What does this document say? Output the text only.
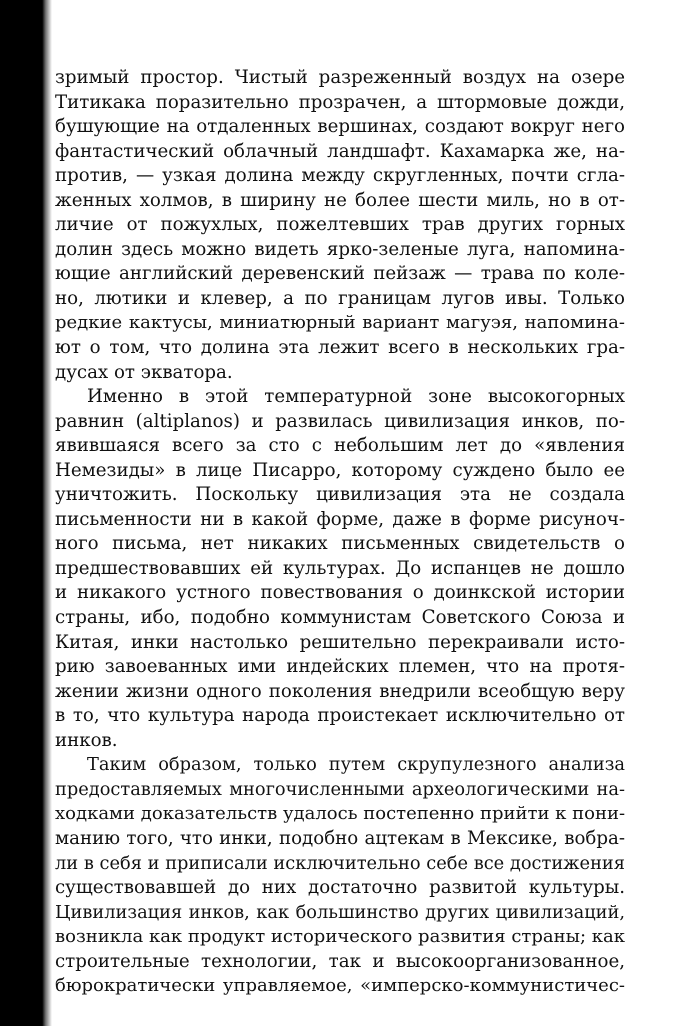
зримый простор. Чистый разреженный воздух на озере
Титикака поразительно прозрачен, а штормовые дожди,
бушующие на отдаленных вершинах, создают вокруг него
фантастический облачный ландшафт. Кахамарка же, на-
против, — узкая долина между скругленных, почти сгла-
женных холмов, в ширину не более шести миль, но в от-
личие от пожухлых, пожелтевших трав других горных
долин здесь можно видеть ярко-зеленые луга, напомина-
ющие английский деревенский пейзаж — трава по коле-
но, лютики и клевер, а по границам лугов ивы. Только
редкие кактусы, миниатюрный вариант магуэя, напомина-
ют о том, что долина эта лежит всего в нескольких гра-
дусах от экватора.
Именно в этой температурной зоне высокогорных
равнин (altiplanos) и развилась цивилизация инков, по-
явившаяся всего за сто с небольшим лет до «явления
Немезиды» в лице Писарро, которому суждено было ее
уничтожить. Поскольку цивилизация эта не создала
письменности ни в какой форме, даже в форме рисуноч-
ного письма, нет никаких письменных свидетельств о
предшествовавших ей культурах. До испанцев не дошло
и никакого устного повествования о доинкской истории
страны, ибо, подобно коммунистам Советского Союза и
Китая, инки настолько решительно перекраивали исто-
рию завоеванных ими индейских племен, что на протя-
жении жизни одного поколения внедрили всеобщую веру
в то, что культура народа проистекает исключительно от
инков.
Таким образом, только путем скрупулезного анализа
предоставляемых многочисленными археологическими на-
ходками доказательств удалось постепенно прийти к пони-
манию того, что инки, подобно ацтекам в Мексике, вобра-
ли в себя и приписали исключительно себе все достижения
существовавшей до них достаточно развитой культуры.
Цивилизация инков, как большинство других цивилизаций,
возникла как продукт исторического развития страны; как
строительные технологии, так и высокоорганизованное,
бюрократически управляемое, «имперско-коммунистичес-
